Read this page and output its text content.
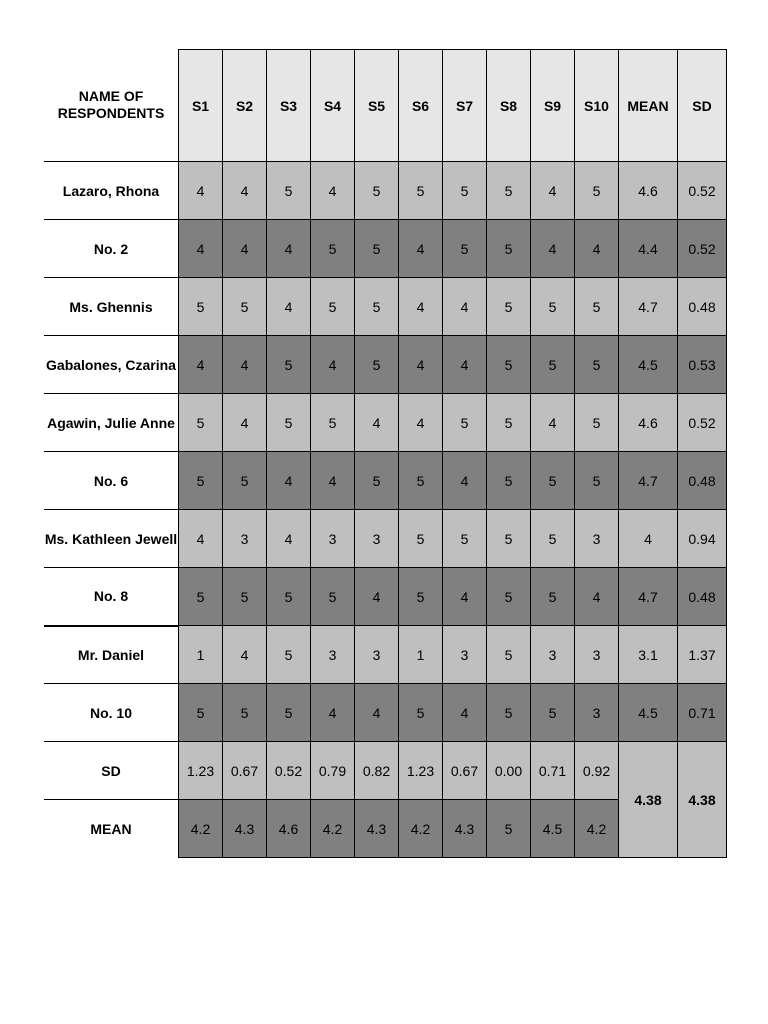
NAME OF RESPONDENTS	S1	S2	S3	S4	S5	S6	S7	S8	S9	S10	MEAN	SD
Lazaro, Rhona	4	4	5	4	5	5	5	5	4	5	4.6	0.52
No. 2	4	4	4	5	5	4	5	5	4	4	4.4	0.52
Ms. Ghennis	5	5	4	5	5	4	4	5	5	5	4.7	0.48
Gabalones, Czarina	4	4	5	4	5	4	4	5	5	5	4.5	0.53
Agawin, Julie Anne	5	4	5	5	4	4	5	5	4	5	4.6	0.52
No. 6	5	5	4	4	5	5	4	5	5	5	4.7	0.48
Ms. Kathleen Jewell	4	3	4	3	3	5	5	5	5	3	4	0.94
No. 8	5	5	5	5	4	5	4	5	5	4	4.7	0.48
Mr. Daniel	1	4	5	3	3	1	3	5	3	3	3.1	1.37
No. 10	5	5	5	4	4	5	4	5	5	3	4.5	0.71
SD	1.23	0.67	0.52	0.79	0.82	1.23	0.67	0.00	0.71	0.92	4.38	4.38
MEAN	4.2	4.3	4.6	4.2	4.3	4.2	4.3	5	4.5	4.2		
